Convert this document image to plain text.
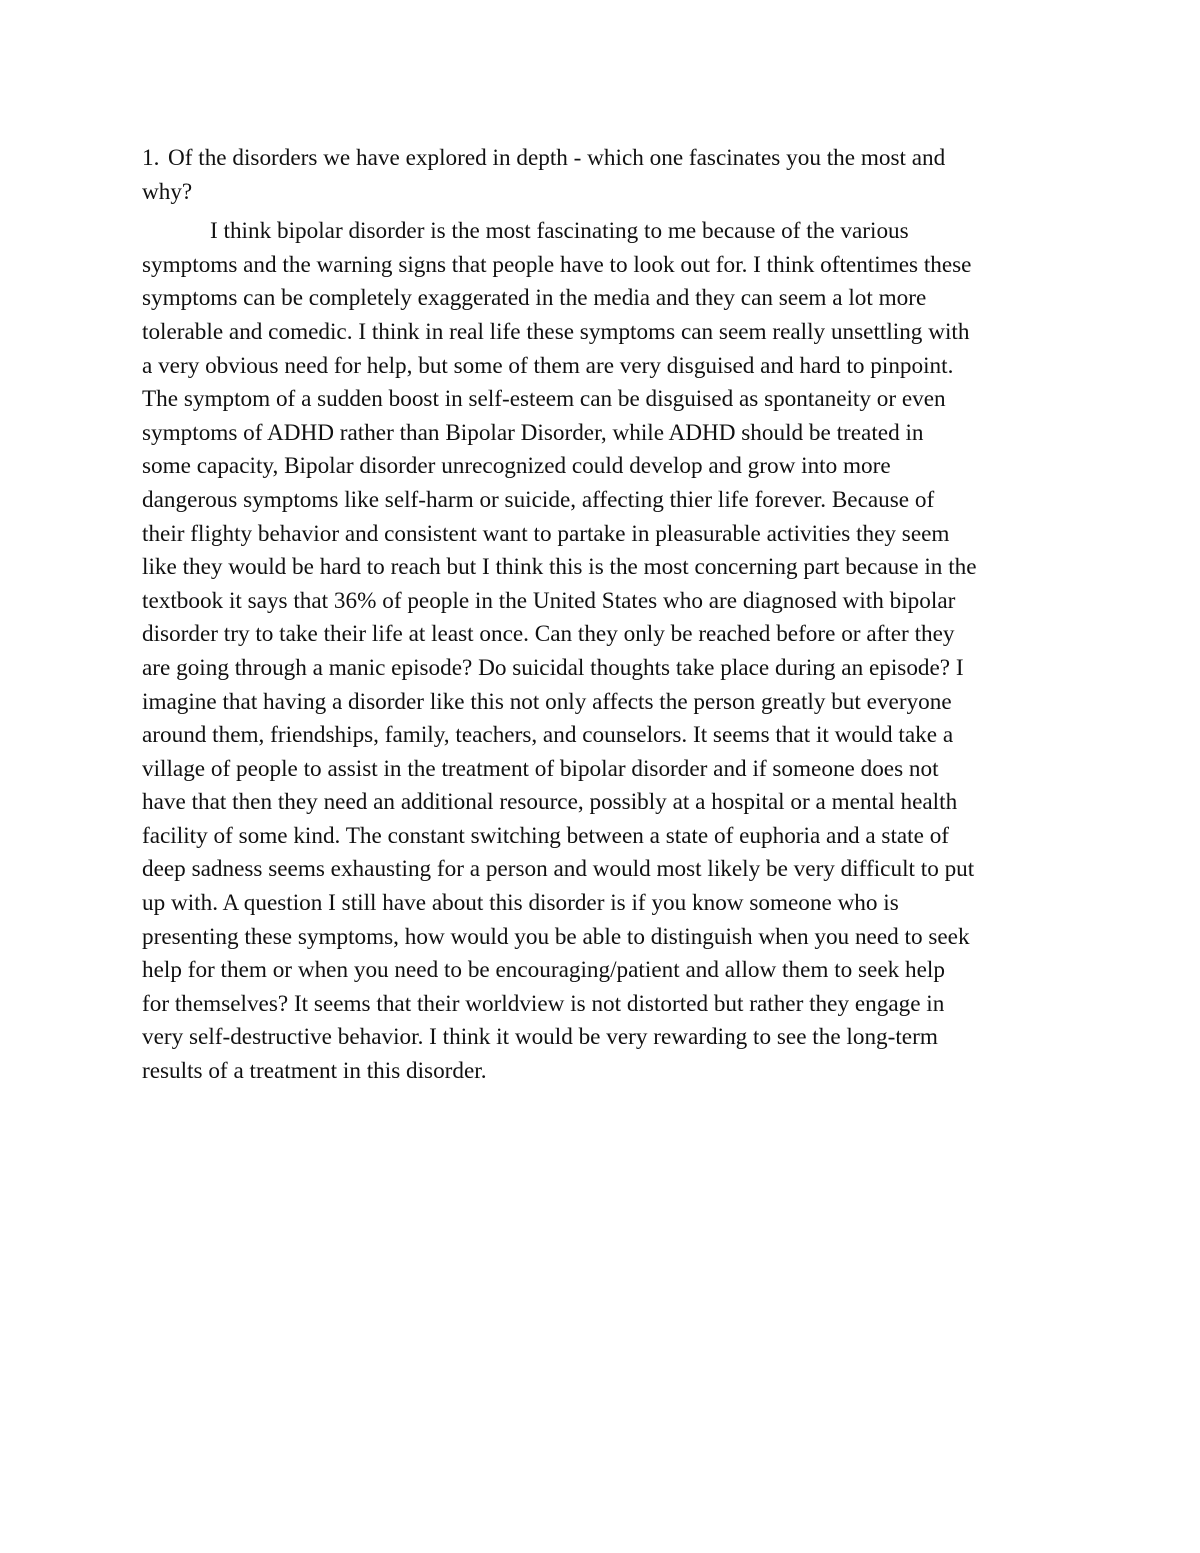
1. Of the disorders we have explored in depth - which one fascinates you the most and
why?
I think bipolar disorder is the most fascinating to me because of the various
symptoms and the warning signs that people have to look out for. I think oftentimes these
symptoms can be completely exaggerated in the media and they can seem a lot more
tolerable and comedic. I think in real life these symptoms can seem really unsettling with
a very obvious need for help, but some of them are very disguised and hard to pinpoint.
The symptom of a sudden boost in self-esteem can be disguised as spontaneity or even
symptoms of ADHD rather than Bipolar Disorder, while ADHD should be treated in
some capacity, Bipolar disorder unrecognized could develop and grow into more
dangerous symptoms like self-harm or suicide, affecting thier life forever. Because of
their flighty behavior and consistent want to partake in pleasurable activities they seem
like they would be hard to reach but I think this is the most concerning part because in the
textbook it says that 36% of people in the United States who are diagnosed with bipolar
disorder try to take their life at least once. Can they only be reached before or after they
are going through a manic episode? Do suicidal thoughts take place during an episode? I
imagine that having a disorder like this not only affects the person greatly but everyone
around them, friendships, family, teachers, and counselors. It seems that it would take a
village of people to assist in the treatment of bipolar disorder and if someone does not
have that then they need an additional resource, possibly at a hospital or a mental health
facility of some kind. The constant switching between a state of euphoria and a state of
deep sadness seems exhausting for a person and would most likely be very difficult to put
up with. A question I still have about this disorder is if you know someone who is
presenting these symptoms, how would you be able to distinguish when you need to seek
help for them or when you need to be encouraging/patient and allow them to seek help
for themselves? It seems that their worldview is not distorted but rather they engage in
very self-destructive behavior. I think it would be very rewarding to see the long-term
results of a treatment in this disorder.
